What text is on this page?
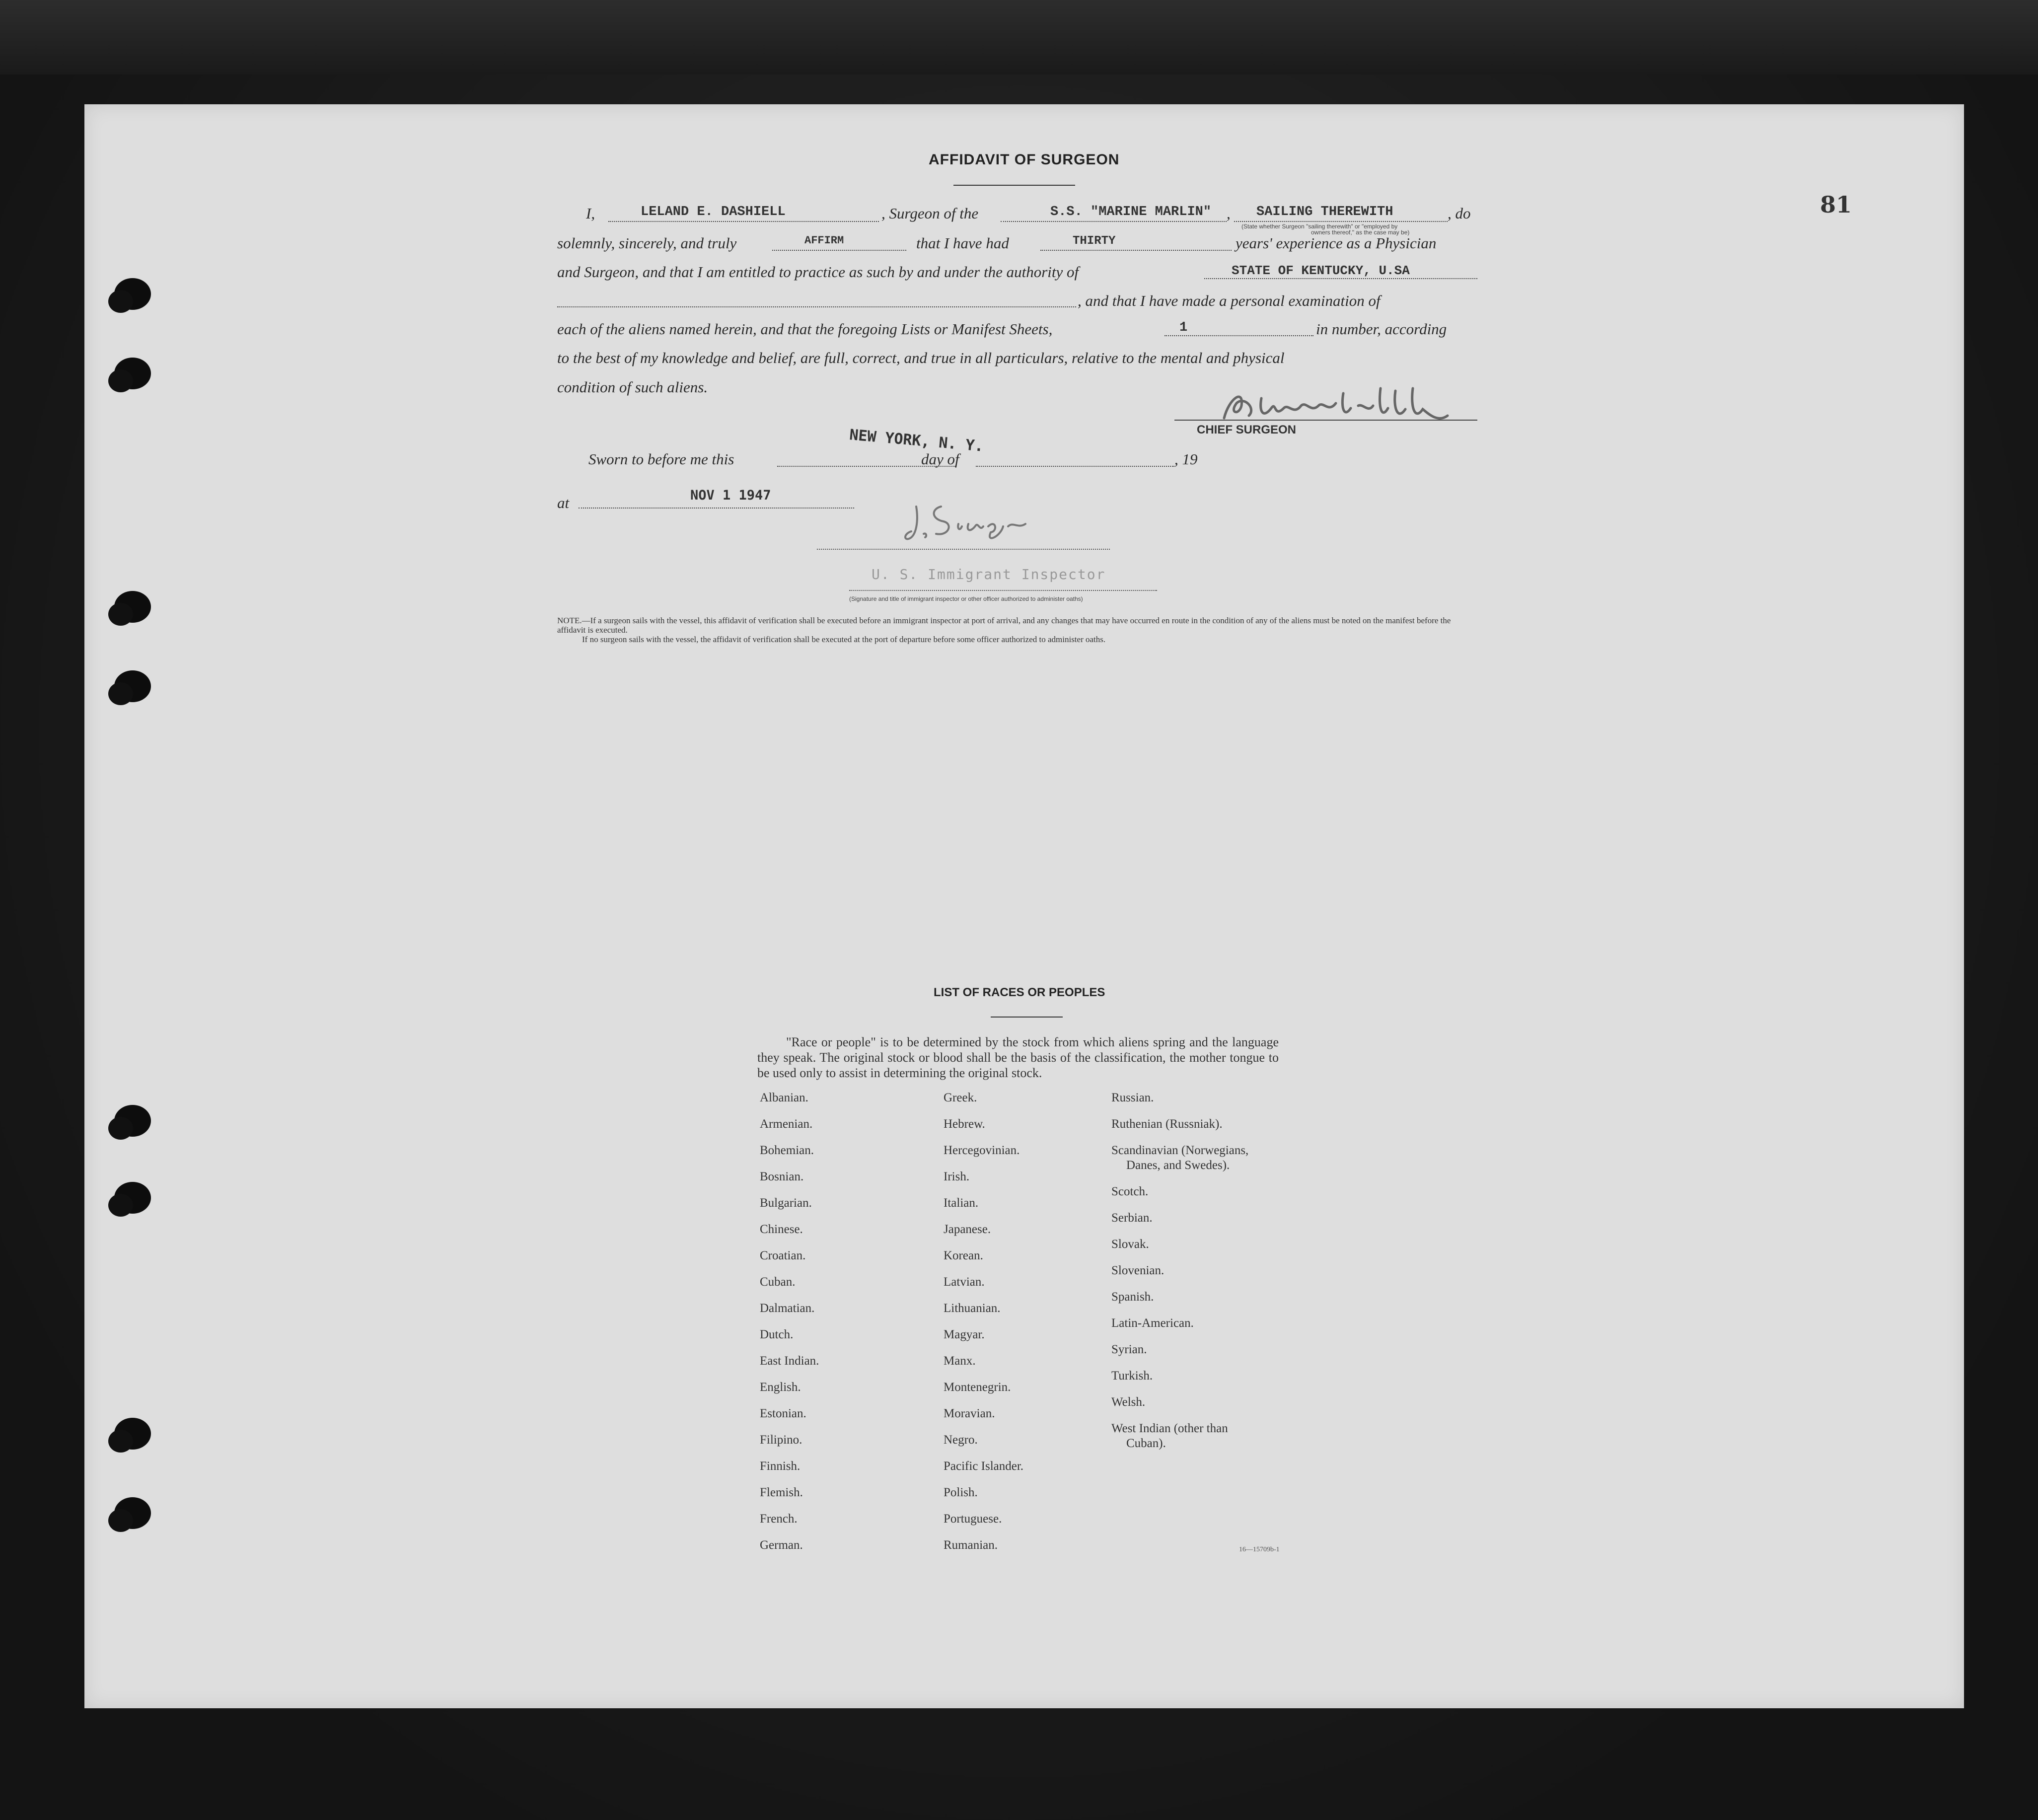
81
AFFIDAVIT OF SURGEON
I,	LELAND E. DASHIELL	, Surgeon of the	S.S. "MARINE MARLIN" , SAILING THEREWITH	, do
(State whether Surgeon "sailing therewith" or "employed by
owners thereof," as the case may be)
solemnly, sincerely, and truly	AFFIRM	that I have had	THIRTY	years' experience as a Physician
and Surgeon, and that I am entitled to practice as such by and under the authority of	STATE OF KENTUCKY, U.SA
, and that I have made a personal examination of
each of the aliens named herein, and that the foregoing Lists or Manifest Sheets,	1	in number, according
to the best of my knowledge and belief, are full, correct, and true in all particulars, relative to the mental and physical
condition of such aliens.
CHIEF SURGEON
NEW YORK, N. Y.
Sworn to before me this	day of	, 19
at	NOV 1 1947
U. S. Immigrant Inspector
(Signature and title of immigrant inspector or other officer authorized to administer oaths)

NOTE.—If a surgeon sails with the vessel, this affidavit of verification shall be executed before an immigrant inspector at port of arrival, and any changes that may have occurred en route in the condition of any of the aliens must be noted on the manifest before the affidavit is executed.

If no surgeon sails with the vessel, the affidavit of verification shall be executed at the port of departure before some officer authorized to administer oaths.

LIST OF RACES OR PEOPLES
"Race or people" is to be determined by the stock from which aliens spring and the language they speak. The original stock or blood shall be the basis of the classification, the mother tongue to be used only to assist in determining the original stock.
Albanian.
Armenian.
Bohemian.
Bosnian.
Bulgarian.
Chinese.
Croatian.
Cuban.
Dalmatian.
Dutch.
East Indian.
English.
Estonian.
Filipino.
Finnish.
Flemish.
French.
German.
Greek.
Hebrew.
Hercegovinian.
Irish.
Italian.
Japanese.
Korean.
Latvian.
Lithuanian.
Magyar.
Manx.
Montenegrin.
Moravian.
Negro.
Pacific Islander.
Polish.
Portuguese.
Rumanian.
Russian.
Ruthenian (Russniak).
Scandinavian (Norwegians,
Danes, and Swedes).
Scotch.
Serbian.
Slovak.
Slovenian.
Spanish.
Latin-American.
Syrian.
Turkish.
Welsh.
West Indian (other than
Cuban).
16—15709b-1
